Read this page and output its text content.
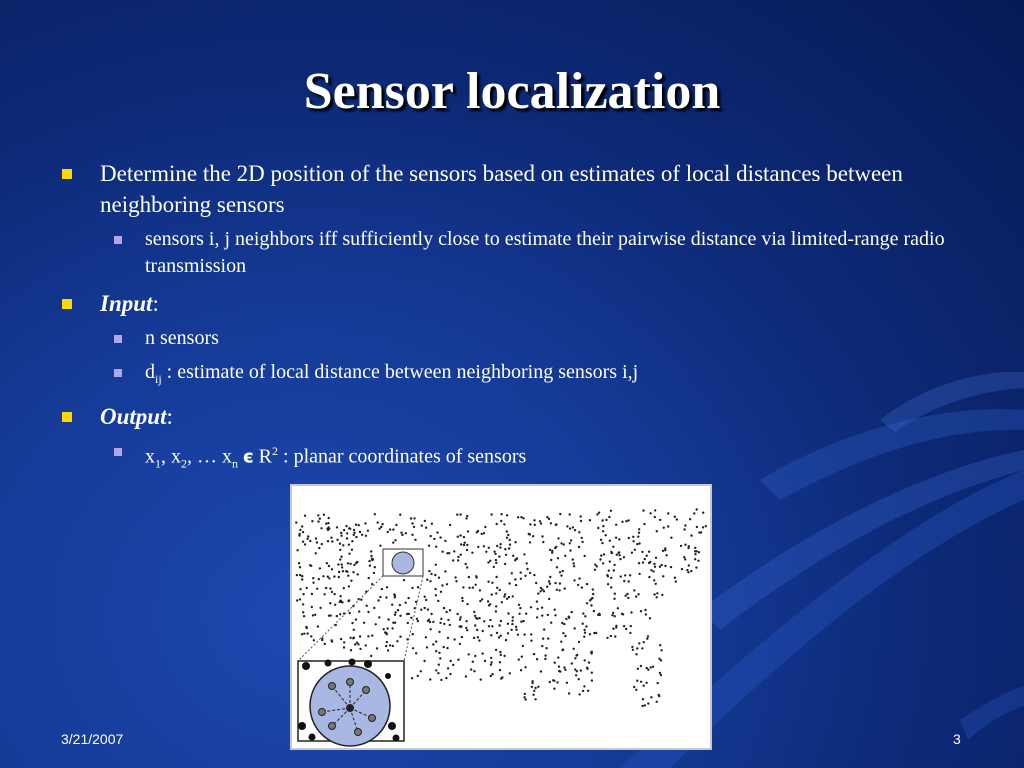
Sensor localization
Determine the 2D position of the sensors based on estimates of local distances between neighboring sensors
sensors i, j neighbors iff sufficiently close to estimate their pairwise distance via limited-range radio transmission
Input:
n sensors
$d_{ij}$ : estimate of local distance between neighboring sensors i,j
Output:
$x_1$, $x_2$, … $x_n$ є $R^2$ : planar coordinates of sensors
3/21/2007	3
